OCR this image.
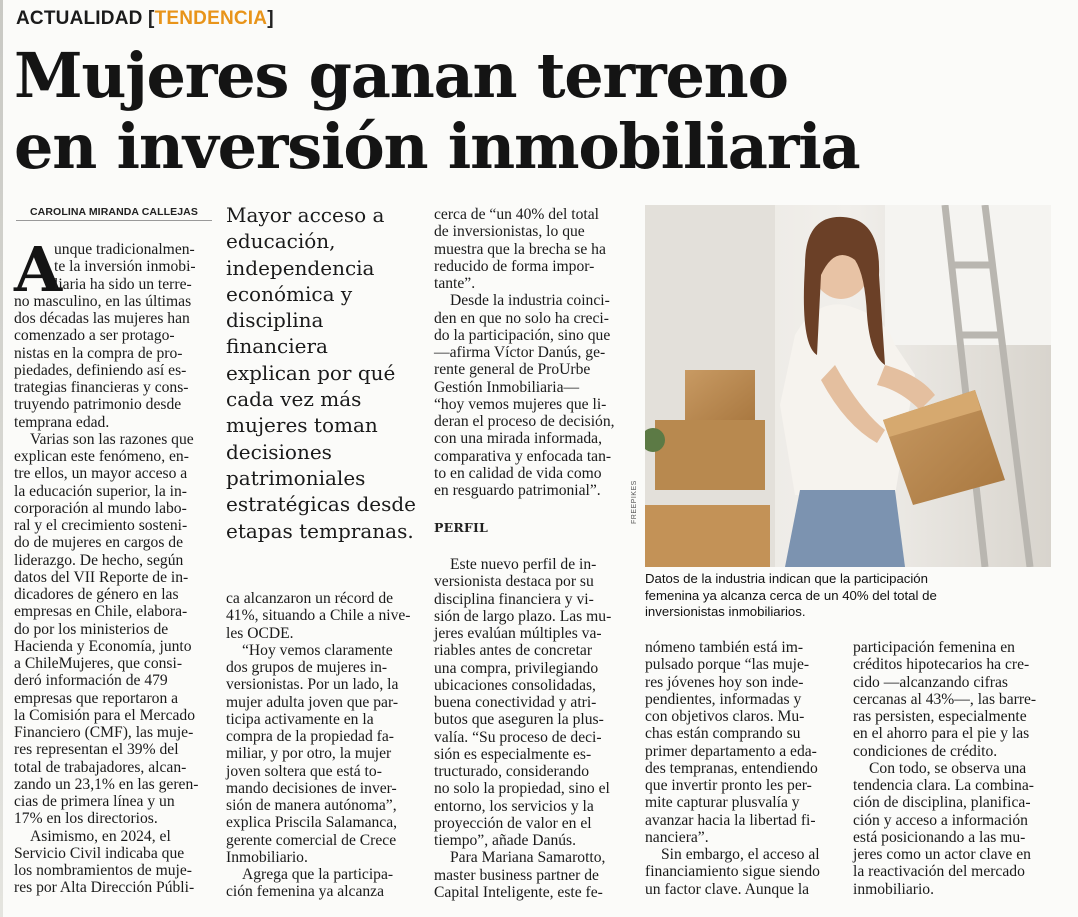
ACTUALIDAD [TENDENCIA]
Mujeres ganan terreno
en inversión inmobiliaria
CAROLINA MIRANDA CALLEJAS
A
unque tradicionalmen-
te la inversión inmobi-
liaria ha sido un terre-
no masculino, en las últimas
dos décadas las mujeres han
comenzado a ser protago-
nistas en la compra de pro-
piedades, definiendo así es-
trategias financieras y cons-
truyendo patrimonio desde
temprana edad.
Varias son las razones que
explican este fenómeno, en-
tre ellos, un mayor acceso a
la educación superior, la in-
corporación al mundo labo-
ral y el crecimiento sosteni-
do de mujeres en cargos de
liderazgo. De hecho, según
datos del VII Reporte de in-
dicadores de género en las
empresas en Chile, elabora-
do por los ministerios de
Hacienda y Economía, junto
a ChileMujeres, que consi-
deró información de 479
empresas que reportaron a
la Comisión para el Mercado
Financiero (CMF), las muje-
res representan el 39% del
total de trabajadores, alcan-
zando un 23,1% en las geren-
cias de primera línea y un
17% en los directorios.
Asimismo, en 2024, el
Servicio Civil indicaba que
los nombramientos de muje-
res por Alta Dirección Públi-
Mayor acceso a
educación,
independencia
económica y
disciplina
financiera
explican por qué
cada vez más
mujeres toman
decisiones
patrimoniales
estratégicas desde
etapas tempranas.
ca alcanzaron un récord de
41%, situando a Chile a nive-
les OCDE.
“Hoy vemos claramente
dos grupos de mujeres in-
versionistas. Por un lado, la
mujer adulta joven que par-
ticipa activamente en la
compra de la propiedad fa-
miliar, y por otro, la mujer
joven soltera que está to-
mando decisiones de inver-
sión de manera autónoma”,
explica Priscila Salamanca,
gerente comercial de Crece
Inmobiliario.
Agrega que la participa-
ción femenina ya alcanza
cerca de “un 40% del total
de inversionistas, lo que
muestra que la brecha se ha
reducido de forma impor-
tante”.
Desde la industria coinci-
den en que no solo ha creci-
do la participación, sino que
—afirma Víctor Danús, ge-
rente general de ProUrbe
Gestión Inmobiliaria—
“hoy vemos mujeres que li-
deran el proceso de decisión,
con una mirada informada,
comparativa y enfocada tan-
to en calidad de vida como
en resguardo patrimonial”.
PERFIL
Este nuevo perfil de in-
versionista destaca por su
disciplina financiera y vi-
sión de largo plazo. Las mu-
jeres evalúan múltiples va-
riables antes de concretar
una compra, privilegiando
ubicaciones consolidadas,
buena conectividad y atri-
butos que aseguren la plus-
valía. “Su proceso de deci-
sión es especialmente es-
tructurado, considerando
no solo la propiedad, sino el
entorno, los servicios y la
proyección de valor en el
tiempo”, añade Danús.
Para Mariana Samarotto,
master business partner de
Capital Inteligente, este fe-
FREEPIKES
Datos de la industria indican que la participación
femenina ya alcanza cerca de un 40% del total de
inversionistas inmobiliarios.
nómeno también está im-
pulsado porque “las muje-
res jóvenes hoy son inde-
pendientes, informadas y
con objetivos claros. Mu-
chas están comprando su
primer departamento a eda-
des tempranas, entendiendo
que invertir pronto les per-
mite capturar plusvalía y
avanzar hacia la libertad fi-
nanciera”.
Sin embargo, el acceso al
financiamiento sigue siendo
un factor clave. Aunque la
participación femenina en
créditos hipotecarios ha cre-
cido —alcanzando cifras
cercanas al 43%—, las barre-
ras persisten, especialmente
en el ahorro para el pie y las
condiciones de crédito.
Con todo, se observa una
tendencia clara. La combina-
ción de disciplina, planifica-
ción y acceso a información
está posicionando a las mu-
jeres como un actor clave en
la reactivación del mercado
inmobiliario.
